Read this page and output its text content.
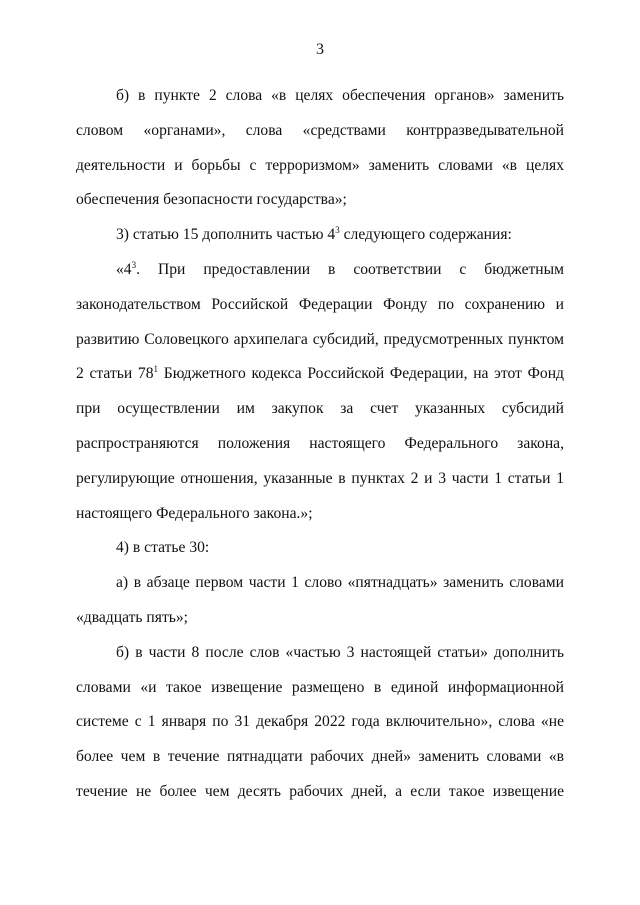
3

б) в пункте 2 слова «в целях обеспечения органов» заменить словом «органами», слова «средствами контрразведывательной деятельности и борьбы с терроризмом» заменить словами «в целях обеспечения безопасности государства»;

3) статью 15 дополнить частью $4^3$ следующего содержания:

«$4^3$. При предоставлении в соответствии с бюджетным законодательством Российской Федерации Фонду по сохранению и развитию Соловецкого архипелага субсидий, предусмотренных пунктом 2 статьи $78^1$ Бюджетного кодекса Российской Федерации, на этот Фонд при осуществлении им закупок за счет указанных субсидий распространяются положения настоящего Федерального закона, регулирующие отношения, указанные в пунктах 2 и 3 части 1 статьи 1 настоящего Федерального закона.»;

4) в статье 30:

а) в абзаце первом части 1 слово «пятнадцать» заменить словами «двадцать пять»;

б) в части 8 после слов «частью 3 настоящей статьи» дополнить словами «и такое извещение размещено в единой информационной системе с 1 января по 31 декабря 2022 года включительно», слова «не более чем в течение пятнадцати рабочих дней» заменить словами «в течение не более чем десять рабочих дней, а если такое извещение
